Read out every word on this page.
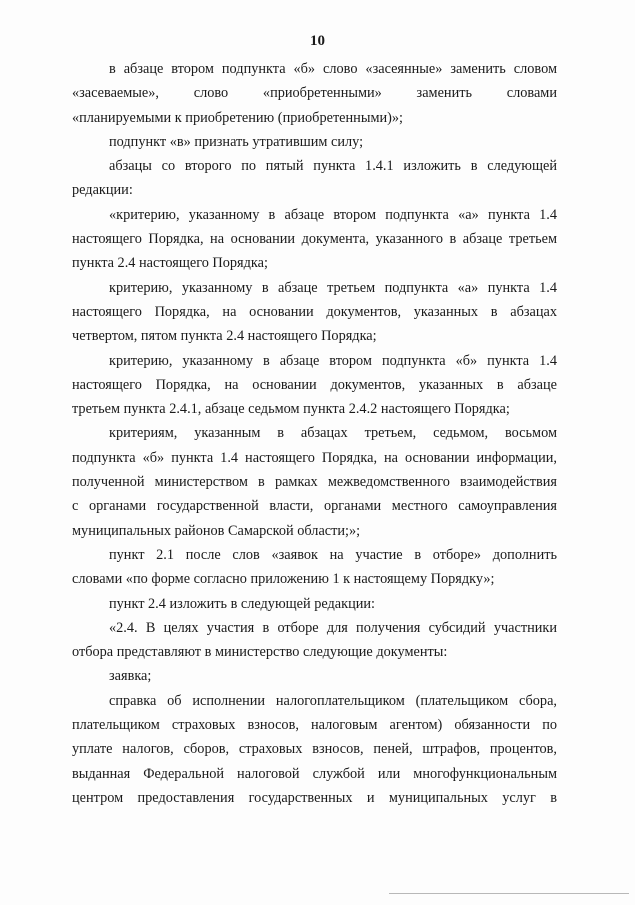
10
в абзаце втором подпункта «б» слово «засеянные» заменить словом
«засеваемые», слово «приобретенными» заменить словами
«планируемыми к приобретению (приобретенными)»;
подпункт «в» признать утратившим силу;
абзацы со второго по пятый пункта 1.4.1 изложить в следующей
редакции:
«критерию, указанному в абзаце втором подпункта «а» пункта 1.4
настоящего Порядка, на основании документа, указанного в абзаце третьем
пункта 2.4 настоящего Порядка;
критерию, указанному в абзаце третьем подпункта «а» пункта 1.4
настоящего Порядка, на основании документов, указанных в абзацах
четвертом, пятом пункта 2.4 настоящего Порядка;
критерию, указанному в абзаце втором подпункта «б» пункта 1.4
настоящего Порядка, на основании документов, указанных в абзаце
третьем пункта 2.4.1, абзаце седьмом пункта 2.4.2 настоящего Порядка;
критериям, указанным в абзацах третьем, седьмом, восьмом
подпункта «б» пункта 1.4 настоящего Порядка, на основании информации,
полученной министерством в рамках межведомственного взаимодействия
с органами государственной власти, органами местного самоуправления
муниципальных районов Самарской области;»;
пункт 2.1 после слов «заявок на участие в отборе» дополнить
словами «по форме согласно приложению 1 к настоящему Порядку»;
пункт 2.4 изложить в следующей редакции:
«2.4. В целях участия в отборе для получения субсидий участники
отбора представляют в министерство следующие документы:
заявка;
справка об исполнении налогоплательщиком (плательщиком сбора,
плательщиком страховых взносов, налоговым агентом) обязанности по
уплате налогов, сборов, страховых взносов, пеней, штрафов, процентов,
выданная Федеральной налоговой службой или многофункциональным
центром предоставления государственных и муниципальных услуг в
